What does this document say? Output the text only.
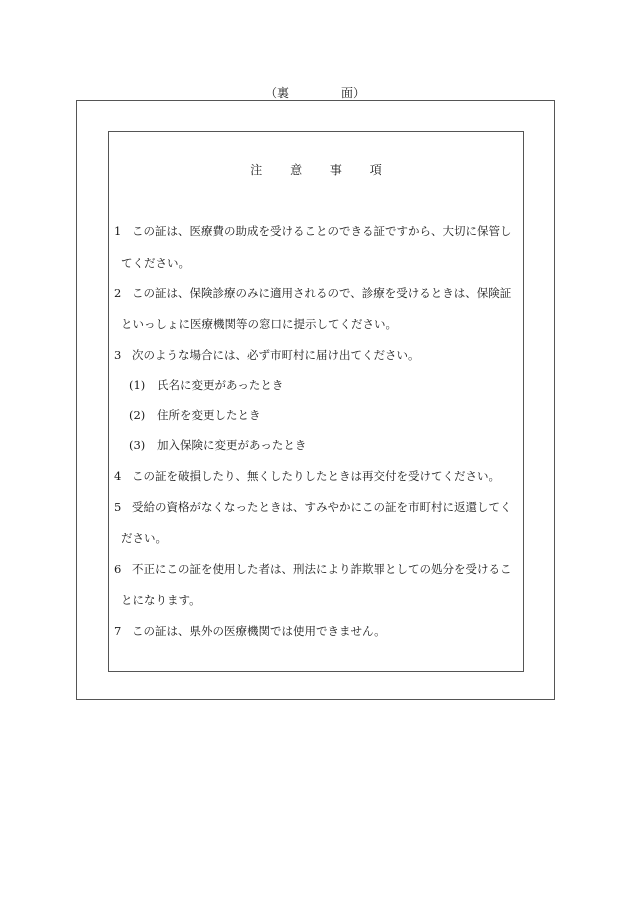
（裏	面）
注 意 事 項
1 この証は、医療費の助成を受けることのできる証ですから、大切に保管し
てください。
2 この証は、保険診療のみに適用されるので、診療を受けるときは、保険証
といっしょに医療機関等の窓口に提示してください。
3 次のような場合には、必ず市町村に届け出てください。
(1) 氏名に変更があったとき
(2) 住所を変更したとき
(3) 加入保険に変更があったとき
4 この証を破損したり、無くしたりしたときは再交付を受けてください。
5 受給の資格がなくなったときは、すみやかにこの証を市町村に返還してく
ださい。
6 不正にこの証を使用した者は、刑法により詐欺罪としての処分を受けるこ
とになります。
7 この証は、県外の医療機関では使用できません。
